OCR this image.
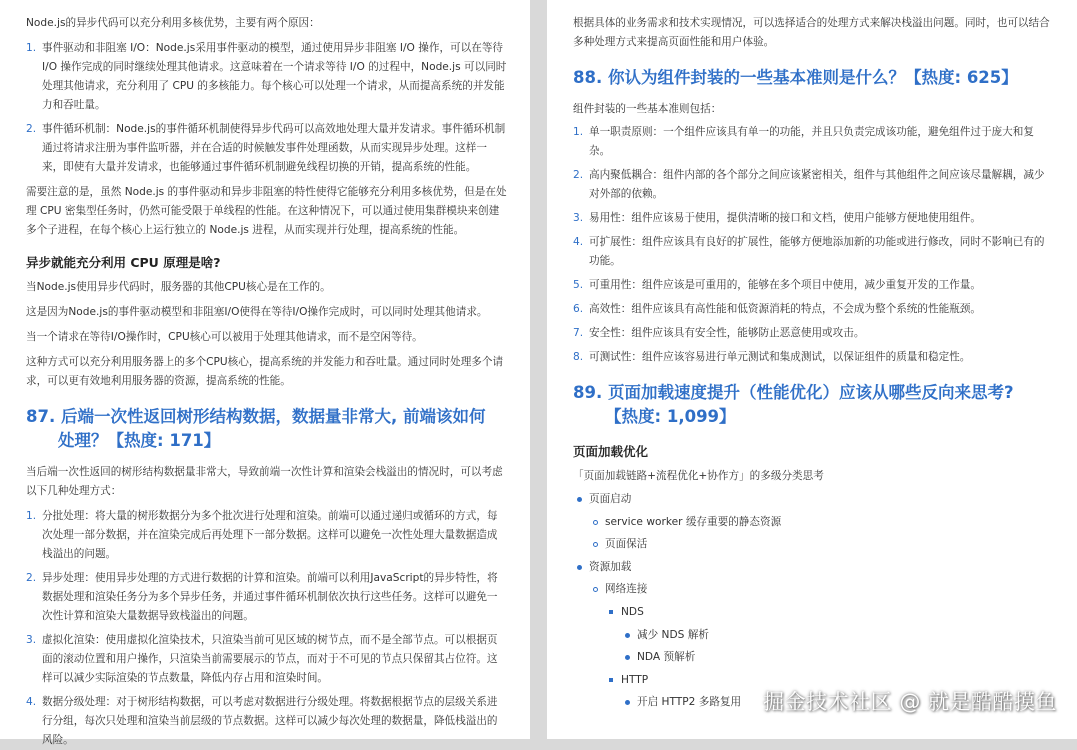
Node.js的异步代码可以充分利用多核优势，主要有两个原因：

1. 事件驱动和非阻塞 I/O：Node.js采用事件驱动的模型，通过使用异步非阻塞 I/O 操作，可以在等待 I/O 操作完成的同时继续处理其他请求。这意味着在一个请求等待 I/O 的过程中，Node.js 可以同时处理其他请求，充分利用了 CPU 的多核能力。每个核心可以处理一个请求，从而提高系统的并发能力和吞吐量。
2. 事件循环机制：Node.js的事件循环机制使得异步代码可以高效地处理大量并发请求。事件循环机制通过将请求注册为事件监听器，并在合适的时候触发事件处理函数，从而实现异步处理。这样一来，即使有大量并发请求，也能够通过事件循环机制避免线程切换的开销，提高系统的性能。

需要注意的是，虽然 Node.js 的事件驱动和异步非阻塞的特性使得它能够充分利用多核优势，但是在处理 CPU 密集型任务时，仍然可能受限于单线程的性能。在这种情况下，可以通过使用集群模块来创建多个子进程，在每个核心上运行独立的 Node.js 进程，从而实现并行处理，提高系统的性能。

异步就能充分利用 CPU 原理是啥?

当Node.js使用异步代码时，服务器的其他CPU核心是在工作的。

这是因为Node.js的事件驱动模型和非阻塞I/O使得在等待I/O操作完成时，可以同时处理其他请求。

当一个请求在等待I/O操作时，CPU核心可以被用于处理其他请求，而不是空闲等待。

这种方式可以充分利用服务器上的多个CPU核心，提高系统的并发能力和吞吐量。通过同时处理多个请求，可以更有效地利用服务器的资源，提高系统的性能。

87. 后端一次性返回树形结构数据，数据量非常大, 前端该如何
处理？【热度: 171】

当后端一次性返回的树形结构数据量非常大，导致前端一次性计算和渲染会栈溢出的情况时，可以考虑以下几种处理方式：

1. 分批处理：将大量的树形数据分为多个批次进行处理和渲染。前端可以通过递归或循环的方式，每次处理一部分数据，并在渲染完成后再处理下一部分数据。这样可以避免一次性处理大量数据造成栈溢出的问题。
2. 异步处理：使用异步处理的方式进行数据的计算和渲染。前端可以利用JavaScript的异步特性，将数据处理和渲染任务分为多个异步任务，并通过事件循环机制依次执行这些任务。这样可以避免一次性计算和渲染大量数据导致栈溢出的问题。
3. 虚拟化渲染：使用虚拟化渲染技术，只渲染当前可见区域的树节点，而不是全部节点。可以根据页面的滚动位置和用户操作，只渲染当前需要展示的节点，而对于不可见的节点只保留其占位符。这样可以减少实际渲染的节点数量，降低内存占用和渲染时间。
4. 数据分级处理：对于树形结构数据，可以考虑对数据进行分级处理。将数据根据节点的层级关系进行分组，每次只处理和渲染当前层级的节点数据。这样可以减少每次处理的数据量，降低栈溢出的风险。

根据具体的业务需求和技术实现情况，可以选择适合的处理方式来解决栈溢出问题。同时，也可以结合多种处理方式来提高页面性能和用户体验。

88. 你认为组件封装的一些基本准则是什么？【热度: 625】

组件封装的一些基本准则包括：

1. 单一职责原则：一个组件应该具有单一的功能，并且只负责完成该功能，避免组件过于庞大和复杂。
2. 高内聚低耦合：组件内部的各个部分之间应该紧密相关，组件与其他组件之间应该尽量解耦，减少对外部的依赖。
3. 易用性：组件应该易于使用，提供清晰的接口和文档，使用户能够方便地使用组件。
4. 可扩展性：组件应该具有良好的扩展性，能够方便地添加新的功能或进行修改，同时不影响已有的功能。
5. 可重用性：组件应该是可重用的，能够在多个项目中使用，减少重复开发的工作量。
6. 高效性：组件应该具有高性能和低资源消耗的特点，不会成为整个系统的性能瓶颈。
7. 安全性：组件应该具有安全性，能够防止恶意使用或攻击。
8. 可测试性：组件应该容易进行单元测试和集成测试，以保证组件的质量和稳定性。
89. 页面加载速度提升（性能优化）应该从哪些反向来思考?
【热度: 1,099】
页面加载优化

「页面加载链路+流程优化+协作方」的多级分类思考

页面启动
service worker 缓存重要的静态资源
页面保活
资源加载
网络连接
NDS
减少 NDS 解析
NDA 预解析
HTTP
开启 HTTP2 多路复用	掘金技术社区 @ 就是酷酷摸鱼
